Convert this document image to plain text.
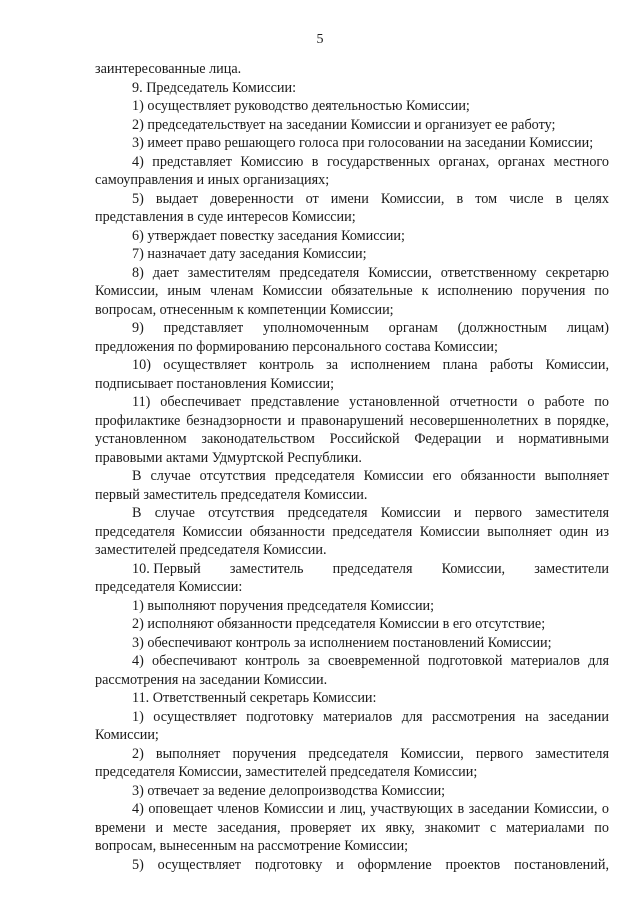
5

заинтересованные лица.

9. Председатель Комиссии:

1) осуществляет руководство деятельностью Комиссии;

2) председательствует на заседании Комиссии и организует ее работу;

3) имеет право решающего голоса при голосовании на заседании Комиссии;

4) представляет Комиссию в государственных органах, органах местного самоуправления и иных организациях;

5) выдает доверенности от имени Комиссии, в том числе в целях представления в суде интересов Комиссии;

6) утверждает повестку заседания Комиссии;

7) назначает дату заседания Комиссии;

8) дает заместителям председателя Комиссии, ответственному секретарю Комиссии, иным членам Комиссии обязательные к исполнению поручения по вопросам, отнесенным к компетенции Комиссии;

9) представляет уполномоченным органам (должностным лицам) предложения по формированию персонального состава Комиссии;

10) осуществляет контроль за исполнением плана работы Комиссии, подписывает постановления Комиссии;

11) обеспечивает представление установленной отчетности о работе по профилактике безнадзорности и правонарушений несовершеннолетних в порядке, установленном законодательством Российской Федерации и нормативными правовыми актами Удмуртской Республики.

В случае отсутствия председателя Комиссии его обязанности выполняет первый заместитель председателя Комиссии.

В случае отсутствия председателя Комиссии и первого заместителя председателя Комиссии обязанности председателя Комиссии выполняет один из заместителей председателя Комиссии.

10. Первый заместитель председателя Комиссии, заместители

председателя Комиссии:

1) выполняют поручения председателя Комиссии;

2) исполняют обязанности председателя Комиссии в его отсутствие;

3) обеспечивают контроль за исполнением постановлений Комиссии;

4) обеспечивают контроль за своевременной подготовкой материалов для рассмотрения на заседании Комиссии.

11. Ответственный секретарь Комиссии:

1) осуществляет подготовку материалов для рассмотрения на заседании Комиссии;

2) выполняет поручения председателя Комиссии, первого заместителя председателя Комиссии, заместителей председателя Комиссии;

3) отвечает за ведение делопроизводства Комиссии;

4) оповещает членов Комиссии и лиц, участвующих в заседании Комиссии, о времени и месте заседания, проверяет их явку, знакомит с материалами по вопросам, вынесенным на рассмотрение Комиссии;

5) осуществляет подготовку и оформление проектов постановлений,
